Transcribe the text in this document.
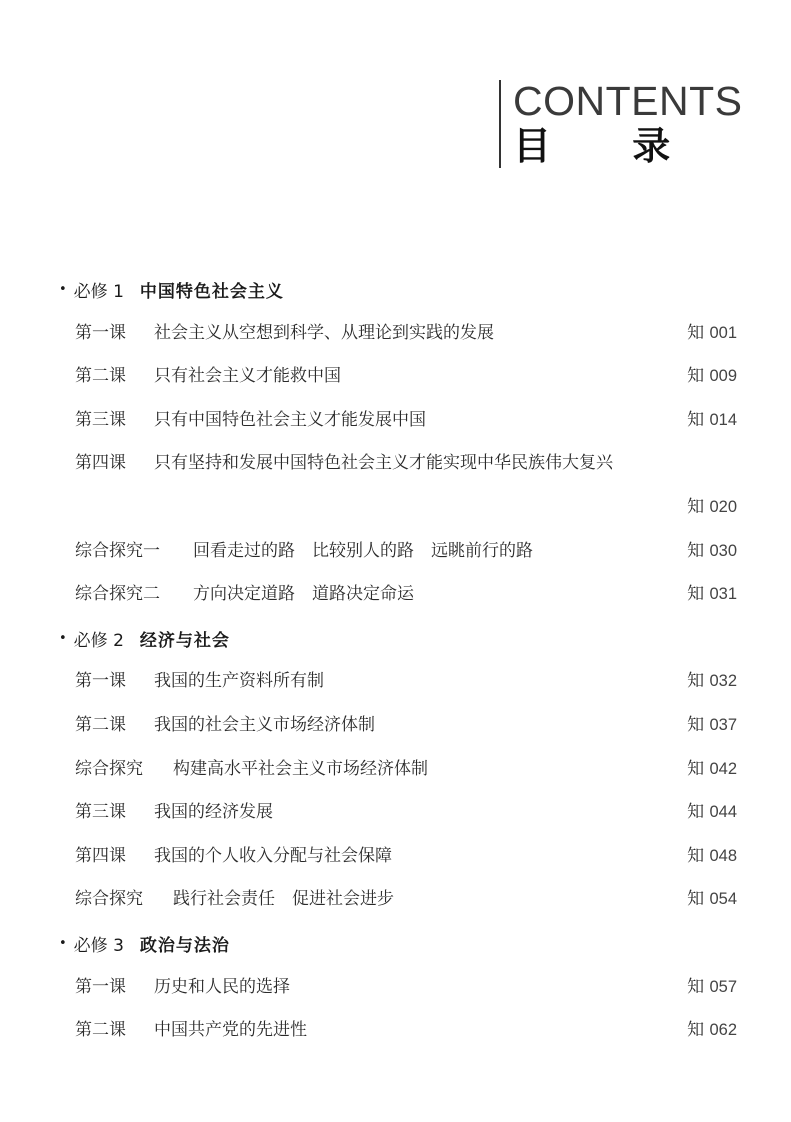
CONTENTS
目 录
• 必修 1 中国特色社会主义
第一课 社会主义从空想到科学、从理论到实践的发展	知 001
第二课 只有社会主义才能救中国	知 009
第三课 只有中国特色社会主义才能发展中国	知 014
第四课 只有坚持和发展中国特色社会主义才能实现中华民族伟大复兴
知 020
综合探究一 回看走过的路　比较别人的路　远眺前行的路	知 030
综合探究二 方向决定道路　道路决定命运	知 031
• 必修 2 经济与社会
第一课 我国的生产资料所有制	知 032
第二课 我国的社会主义市场经济体制	知 037
综合探究 构建高水平社会主义市场经济体制	知 042
第三课 我国的经济发展	知 044
第四课 我国的个人收入分配与社会保障	知 048
综合探究 践行社会责任　促进社会进步	知 054
• 必修 3 政治与法治
第一课 历史和人民的选择	知 057
第二课 中国共产党的先进性	知 062
